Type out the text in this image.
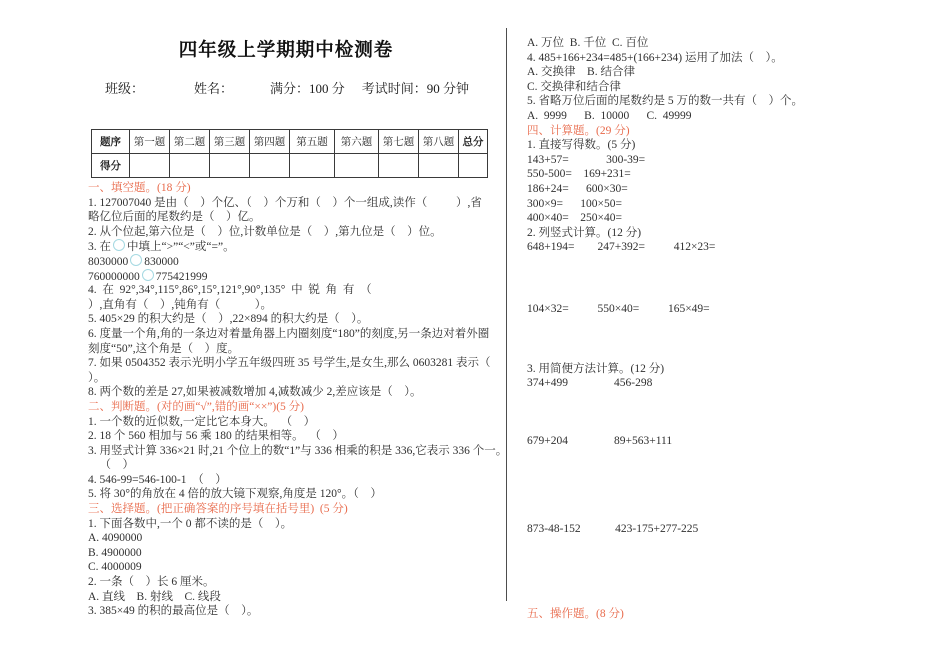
四年级上学期期中检测卷
班级：	姓名：	满分：100 分 考试时间：90 分钟
题序	第一题	第二题	第三题	第四题	第五题	第六题	第七题	第八题	总分
得分									
一、填空题。(18 分)
1. 127007040 是由（    ）个亿、（    ）个万和（    ）个一组成,读作（          ）,省
略亿位后面的尾数约是（    ）亿。
2. 从个位起,第六位是（    ）位,计数单位是（    ）,第九位是（    ）位。
3. 在 中填上“>”“<”或“=”。
8030000 830000
760000000 775421999
4.  在  92°,34°,115°,86°,15°,121°,90°,135°  中  锐  角  有  （
）,直角有（    ）,钝角有（            ）。
5. 405×29 的积大约是（    ）,22×894 的积大约是（    ）。
6. 度量一个角,角的一条边对着量角器上内圈刻度“180”的刻度,另一条边对着外圈
刻度“50”,这个角是（    ）度。
7. 如果 0504352 表示光明小学五年级四班 35 号学生,是女生,那么 0603281 表示（
）。
8. 两个数的差是 27,如果被减数增加 4,减数减少 2,差应该是（    ）。
二、判断题。(对的画“√”,错的画“××”)(5 分)
1. 一个数的近似数,一定比它本身大。  （    ）
2. 18 个 560 相加与 56 乘 180 的结果相等。  （    ）
3. 用竖式计算 336×21 时,21 个位上的数“1”与 336 相乘的积是 336,它表示 336 个一。
（    ）
4. 546-99=546-100-1  （    ）
5. 将 30°的角放在 4 倍的放大镜下观察,角度是 120°。（    ）
三、选择题。(把正确答案的序号填在括号里)  (5 分)
1. 下面各数中,一个 0 都不读的是（    ）。
A. 4090000
B. 4900000
C. 4000009
2. 一条（    ）长 6 厘米。
A. 直线    B. 射线    C. 线段
3. 385×49 的积的最高位是（    ）。
A. 万位  B. 千位  C. 百位
4. 485+166+234=485+(166+234) 运用了加法（    ）。
A. 交换律    B. 结合律
C. 交换律和结合律
5. 省略万位后面的尾数约是 5 万的数一共有（    ）个。
A.  9999      B.  10000      C.  49999
四、计算题。(29 分)
1. 直接写得数。(5 分)
143+57=             300-39=
550-500=    169+231=
186+24=      600×30=
300×9=      100×50=
400×40=    250×40=
2. 列竖式计算。(12 分)
648+194=        247+392=          412×23=
104×32=          550×40=          165×49=
3. 用简便方法计算。(12 分)
374+499                456-298
679+204                89+563+111
873-48-152            423-175+277-225
五、操作题。(8 分)
